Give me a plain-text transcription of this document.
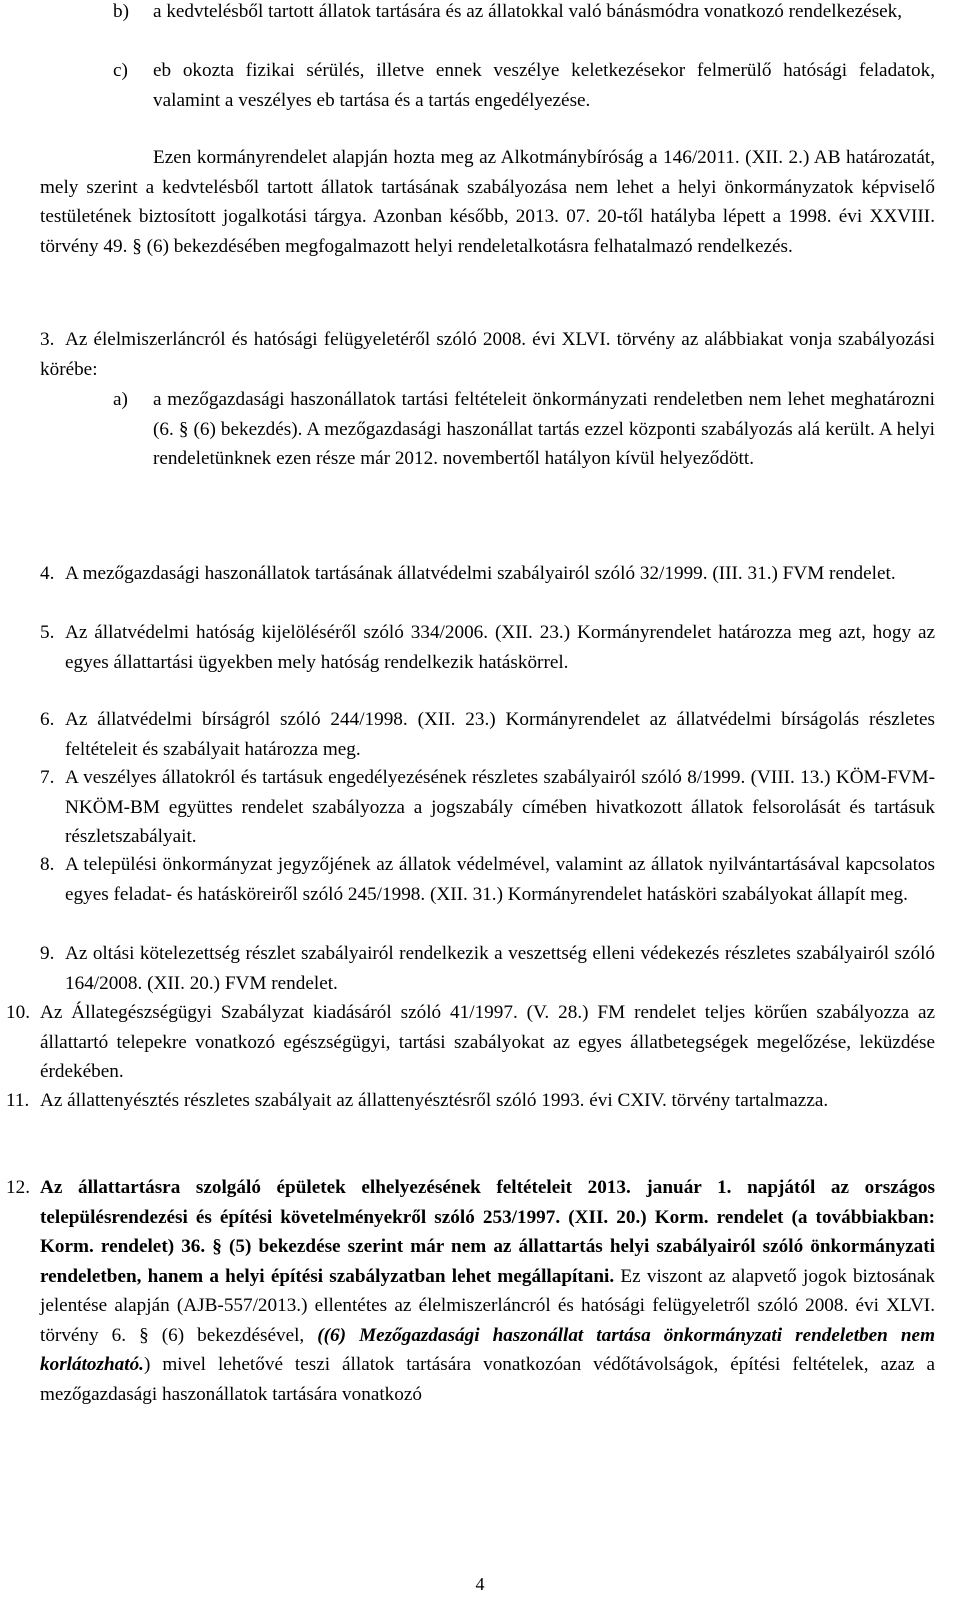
b) a kedvtelésből tartott állatok tartására és az állatokkal való bánásmódra vonatkozó rendelkezések,
c) eb okozta fizikai sérülés, illetve ennek veszélye keletkezésekor felmerülő hatósági feladatok, valamint a veszélyes eb tartása és a tartás engedélyezése.
Ezen kormányrendelet alapján hozta meg az Alkotmánybíróság a 146/2011. (XII. 2.) AB határozatát, mely szerint a kedvtelésből tartott állatok tartásának szabályozása nem lehet a helyi önkormányzatok képviselő testületének biztosított jogalkotási tárgya. Azonban később, 2013. 07. 20-től hatályba lépett a 1998. évi XXVIII. törvény 49. § (6) bekezdésében megfogalmazott helyi rendeletalkotásra felhatalmazó rendelkezés.
3. Az élelmiszerláncról és hatósági felügyeletéről szóló 2008. évi XLVI. törvény az alábbiakat vonja szabályozási körébe:
a) a mezőgazdasági haszonállatok tartási feltételeit önkormányzati rendeletben nem lehet meghatározni (6. § (6) bekezdés). A mezőgazdasági haszonállat tartás ezzel központi szabályozás alá került. A helyi rendeletünknek ezen része már 2012. novembertől hatályon kívül helyeződött.
4. A mezőgazdasági haszonállatok tartásának állatvédelmi szabályairól szóló 32/1999. (III. 31.) FVM rendelet.
5. Az állatvédelmi hatóság kijelöléséről szóló 334/2006. (XII. 23.) Kormányrendelet határozza meg azt, hogy az egyes állattartási ügyekben mely hatóság rendelkezik hatáskörrel.
6. Az állatvédelmi bírságról szóló 244/1998. (XII. 23.) Kormányrendelet az állatvédelmi bírságolás részletes feltételeit és szabályait határozza meg.
7. A veszélyes állatokról és tartásuk engedélyezésének részletes szabályairól szóló 8/1999. (VIII. 13.) KÖM-FVM-NKÖM-BM együttes rendelet szabályozza a jogszabály címében hivatkozott állatok felsorolását és tartásuk részletszabályait.
8. A települési önkormányzat jegyzőjének az állatok védelmével, valamint az állatok nyilvántartásával kapcsolatos egyes feladat- és hatásköreiről szóló 245/1998. (XII. 31.) Kormányrendelet hatásköri szabályokat állapít meg.
9. Az oltási kötelezettség részlet szabályairól rendelkezik a veszettség elleni védekezés részletes szabályairól szóló 164/2008. (XII. 20.) FVM rendelet.
10. Az Állategészségügyi Szabályzat kiadásáról szóló 41/1997. (V. 28.) FM rendelet teljes körűen szabályozza az állattartó telepekre vonatkozó egészségügyi, tartási szabályokat az egyes állatbetegségek megelőzése, leküzdése érdekében.
11. Az állattenyésztés részletes szabályait az állattenyésztésről szóló 1993. évi CXIV. törvény tartalmazza.
12. Az állattartásra szolgáló épületek elhelyezésének feltételeit 2013. január 1. napjától az országos településrendezési és építési követelményekről szóló 253/1997. (XII. 20.) Korm. rendelet (a továbbiakban: Korm. rendelet) 36. § (5) bekezdése szerint már nem az állattartás helyi szabályairól szóló önkormányzati rendeletben, hanem a helyi építési szabályzatban lehet megállapítani. Ez viszont az alapvető jogok biztosának jelentése alapján (AJB-557/2013.) ellentétes az élelmiszerláncról és hatósági felügyeletről szóló 2008. évi XLVI. törvény 6. § (6) bekezdésével, ((6) Mezőgazdasági haszonállat tartása önkormányzati rendeletben nem korlátozható.) mivel lehetővé teszi állatok tartására vonatkozóan védőtávolságok, építési feltételek, azaz a mezőgazdasági haszonállatok tartására vonatkozó
4
